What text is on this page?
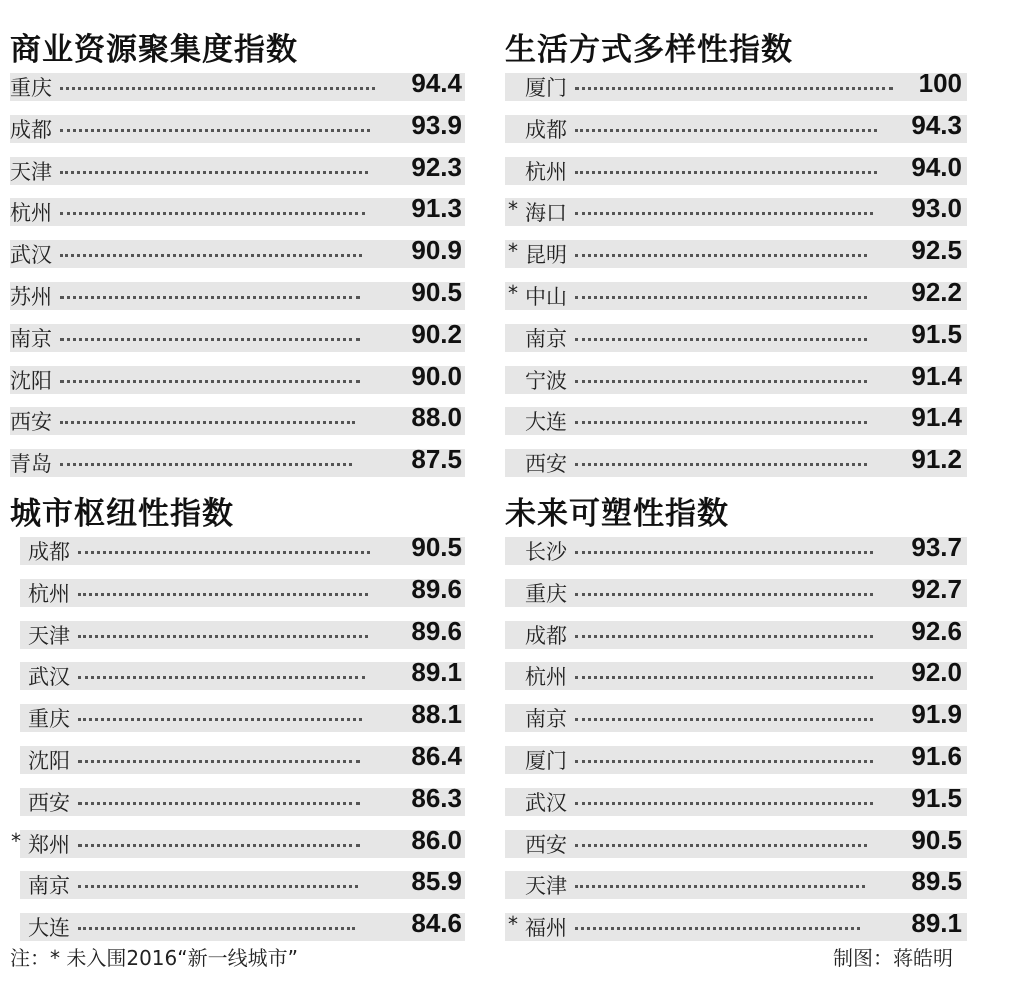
商业资源聚集度指数
重庆	94.4
成都	93.9
天津	92.3
杭州	91.3
武汉	90.9
苏州	90.5
南京	90.2
沈阳	90.0
西安	88.0
青岛	87.5
生活方式多样性指数
厦门	100
成都	94.3
杭州	94.0
* 海口	93.0
* 昆明	92.5
* 中山	92.2
南京	91.5
宁波	91.4
大连	91.4
西安	91.2
城市枢纽性指数
成都	90.5
杭州	89.6
天津	89.6
武汉	89.1
重庆	88.1
沈阳	86.4
西安	86.3
* 郑州	86.0
南京	85.9
大连	84.6
未来可塑性指数
长沙	93.7
重庆	92.7
成都	92.6
杭州	92.0
南京	91.9
厦门	91.6
武汉	91.5
西安	90.5
天津	89.5
* 福州	89.1
注：* 未入围2016“新一线城市”	制图：蒋皓明
